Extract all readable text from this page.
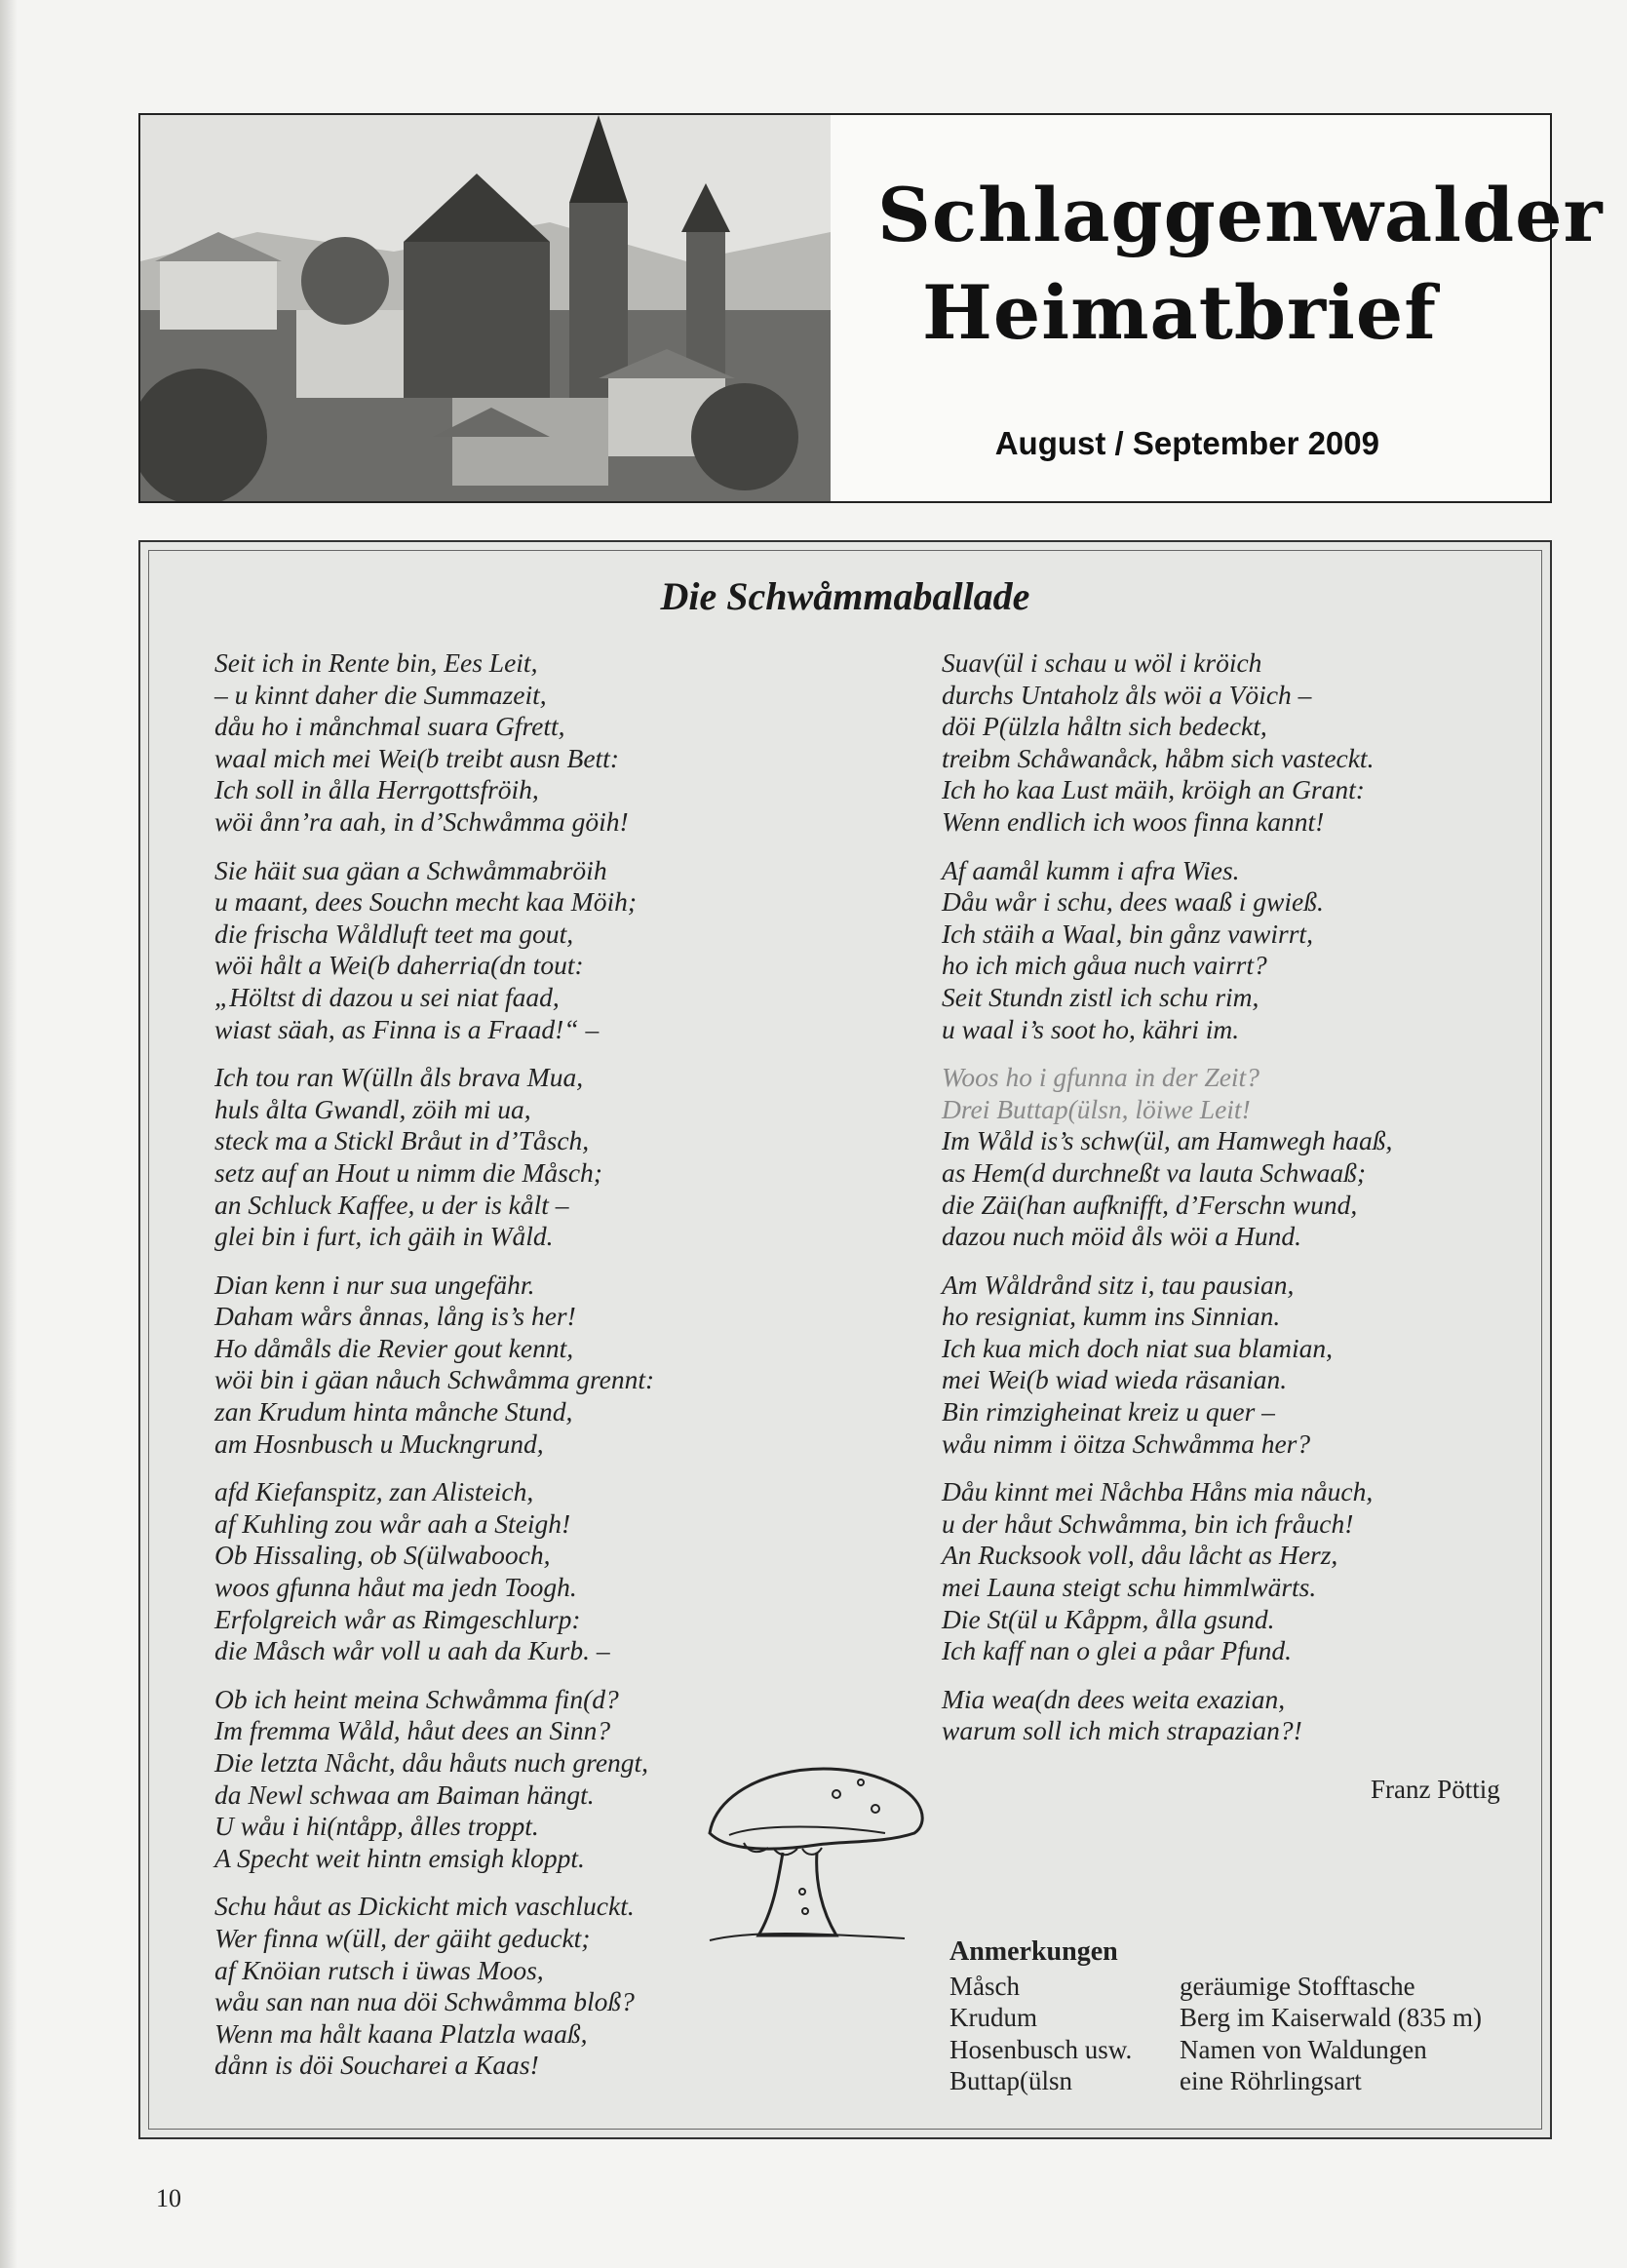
Schlaggenwalder
Heimatbrief
August / September 2009
Die Schwåmmaballade
Seit ich in Rente bin, Ees Leit,
– u kinnt daher die Summazeit,
dåu ho i månchmal suara Gfrett,
waal mich mei Wei(b treibt ausn Bett:
Ich soll in ålla Herrgottsfröih,
wöi ånn’ra aah, in d’Schwåmma göih!
Sie häit sua gäan a Schwåmmabröih
u maant, dees Souchn mecht kaa Möih;
die frischa Wåldluft teet ma gout,
wöi hålt a Wei(b daherria(dn tout:
„Höltst di dazou u sei niat faad,
wiast säah, as Finna is a Fraad!“ –
Ich tou ran W(ülln åls brava Mua,
huls ålta Gwandl, zöih mi ua,
steck ma a Stickl Bråut in d’Tåsch,
setz auf an Hout u nimm die Måsch;
an Schluck Kaffee, u der is kålt –
glei bin i furt, ich gäih in Wåld.
Dian kenn i nur sua ungefähr.
Daham wårs ånnas, lång is’s her!
Ho dåmåls die Revier gout kennt,
wöi bin i gäan nåuch Schwåmma grennt:
zan Krudum hinta månche Stund,
am Hosnbusch u Muckngrund,
afd Kiefanspitz, zan Alisteich,
af Kuhling zou wår aah a Steigh!
Ob Hissaling, ob S(ülwabooch,
woos gfunna håut ma jedn Toogh.
Erfolgreich wår as Rimgeschlurp:
die Måsch wår voll u aah da Kurb. –
Ob ich heint meina Schwåmma fin(d?
Im fremma Wåld, håut dees an Sinn?
Die letzta Nåcht, dåu håuts nuch grengt,
da Newl schwaa am Baiman hängt.
U wåu i hi(ntåpp, ålles troppt.
A Specht weit hintn emsigh kloppt.
Schu håut as Dickicht mich vaschluckt.
Wer finna w(üll, der gäiht geduckt;
af Knöian rutsch i üwas Moos,
wåu san nan nua döi Schwåmma bloß?
Wenn ma hålt kaana Platzla waaß,
dånn is döi Soucharei a Kaas!
Suav(ül i schau u wöl i kröich
durchs Untaholz åls wöi a Vöich –
döi P(ülzla håltn sich bedeckt,
treibm Schåwanåck, håbm sich vasteckt.
Ich ho kaa Lust mäih, kröigh an Grant:
Wenn endlich ich woos finna kannt!
Af aamål kumm i afra Wies.
Dåu wår i schu, dees waaß i gwieß.
Ich stäih a Waal, bin gånz vawirrt,
ho ich mich gåua nuch vairrt?
Seit Stundn zistl ich schu rim,
u waal i’s soot ho, kähri im.
Woos ho i gfunna in der Zeit?
Drei Buttap(ülsn, löiwe Leit!
Im Wåld is’s schw(ül, am Hamwegh haaß,
as Hem(d durchneßt va lauta Schwaaß;
die Zäi(han aufknifft, d’Ferschn wund,
dazou nuch möid åls wöi a Hund.
Am Wåldrånd sitz i, tau pausian,
ho resigniat, kumm ins Sinnian.
Ich kua mich doch niat sua blamian,
mei Wei(b wiad wieda räsanian.
Bin rimzigheinat kreiz u quer –
wåu nimm i öitza Schwåmma her?
Dåu kinnt mei Nåchba Håns mia nåuch,
u der håut Schwåmma, bin ich fråuch!
An Rucksook voll, dåu låcht as Herz,
mei Launa steigt schu himmlwärts.
Die St(ül u Kåppm, ålla gsund.
Ich kaff nan o glei a påar Pfund.
Mia wea(dn dees weita exazian,
warum soll ich mich strapazian?!
Franz Pöttig
Anmerkungen
Måsch	geräumige Stofftasche
Krudum	Berg im Kaiserwald (835 m)
Hosenbusch usw.	Namen von Waldungen
Buttap(ülsn	eine Röhrlingsart
10
